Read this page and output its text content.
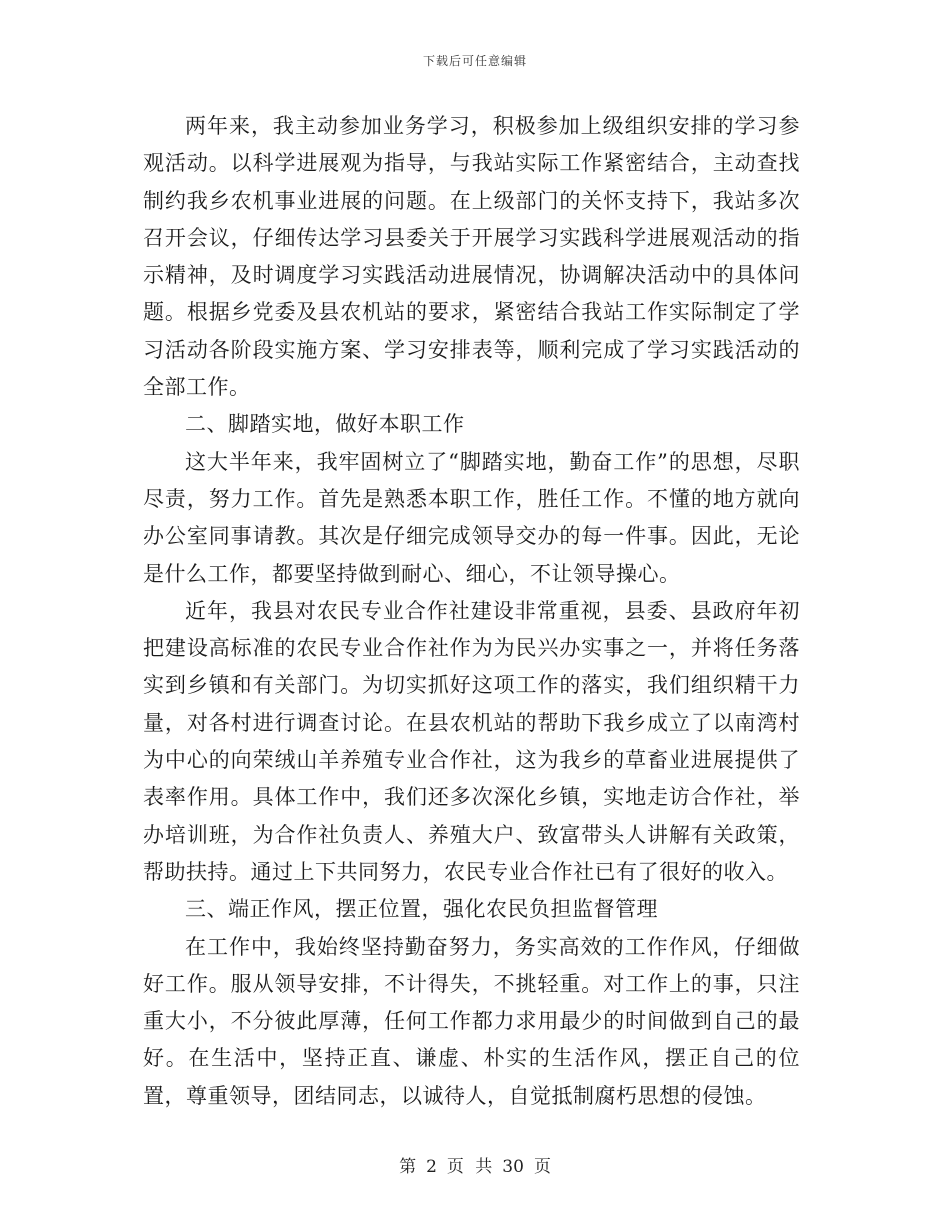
下载后可任意编辑

两年来，我主动参加业务学习，积极参加上级组织安排的学习参观活动。以科学进展观为指导，与我站实际工作紧密结合，主动查找制约我乡农机事业进展的问题。在上级部门的关怀支持下，我站多次召开会议，仔细传达学习县委关于开展学习实践科学进展观活动的指示精神，及时调度学习实践活动进展情况，协调解决活动中的具体问题。根据乡党委及县农机站的要求，紧密结合我站工作实际制定了学习活动各阶段实施方案、学习安排表等，顺利完成了学习实践活动的全部工作。

二、脚踏实地，做好本职工作

这大半年来，我牢固树立了“脚踏实地，勤奋工作”的思想，尽职尽责，努力工作。首先是熟悉本职工作，胜任工作。不懂的地方就向办公室同事请教。其次是仔细完成领导交办的每一件事。因此，无论是什么工作，都要坚持做到耐心、细心，不让领导操心。

近年，我县对农民专业合作社建设非常重视，县委、县政府年初把建设高标准的农民专业合作社作为为民兴办实事之一，并将任务落实到乡镇和有关部门。为切实抓好这项工作的落实，我们组织精干力量，对各村进行调查讨论。在县农机站的帮助下我乡成立了以南湾村为中心的向荣绒山羊养殖专业合作社，这为我乡的草畜业进展提供了表率作用。具体工作中，我们还多次深化乡镇，实地走访合作社，举办培训班，为合作社负责人、养殖大户、致富带头人讲解有关政策，帮助扶持。通过上下共同努力，农民专业合作社已有了很好的收入。

三、端正作风，摆正位置，强化农民负担监督管理

在工作中，我始终坚持勤奋努力，务实高效的工作作风，仔细做好工作。服从领导安排，不计得失，不挑轻重。对工作上的事，只注重大小，不分彼此厚薄，任何工作都力求用最少的时间做到自己的最好。在生活中，坚持正直、谦虚、朴实的生活作风，摆正自己的位置，尊重领导，团结同志，以诚待人，自觉抵制腐朽思想的侵蚀。

第 2 页 共 30 页
